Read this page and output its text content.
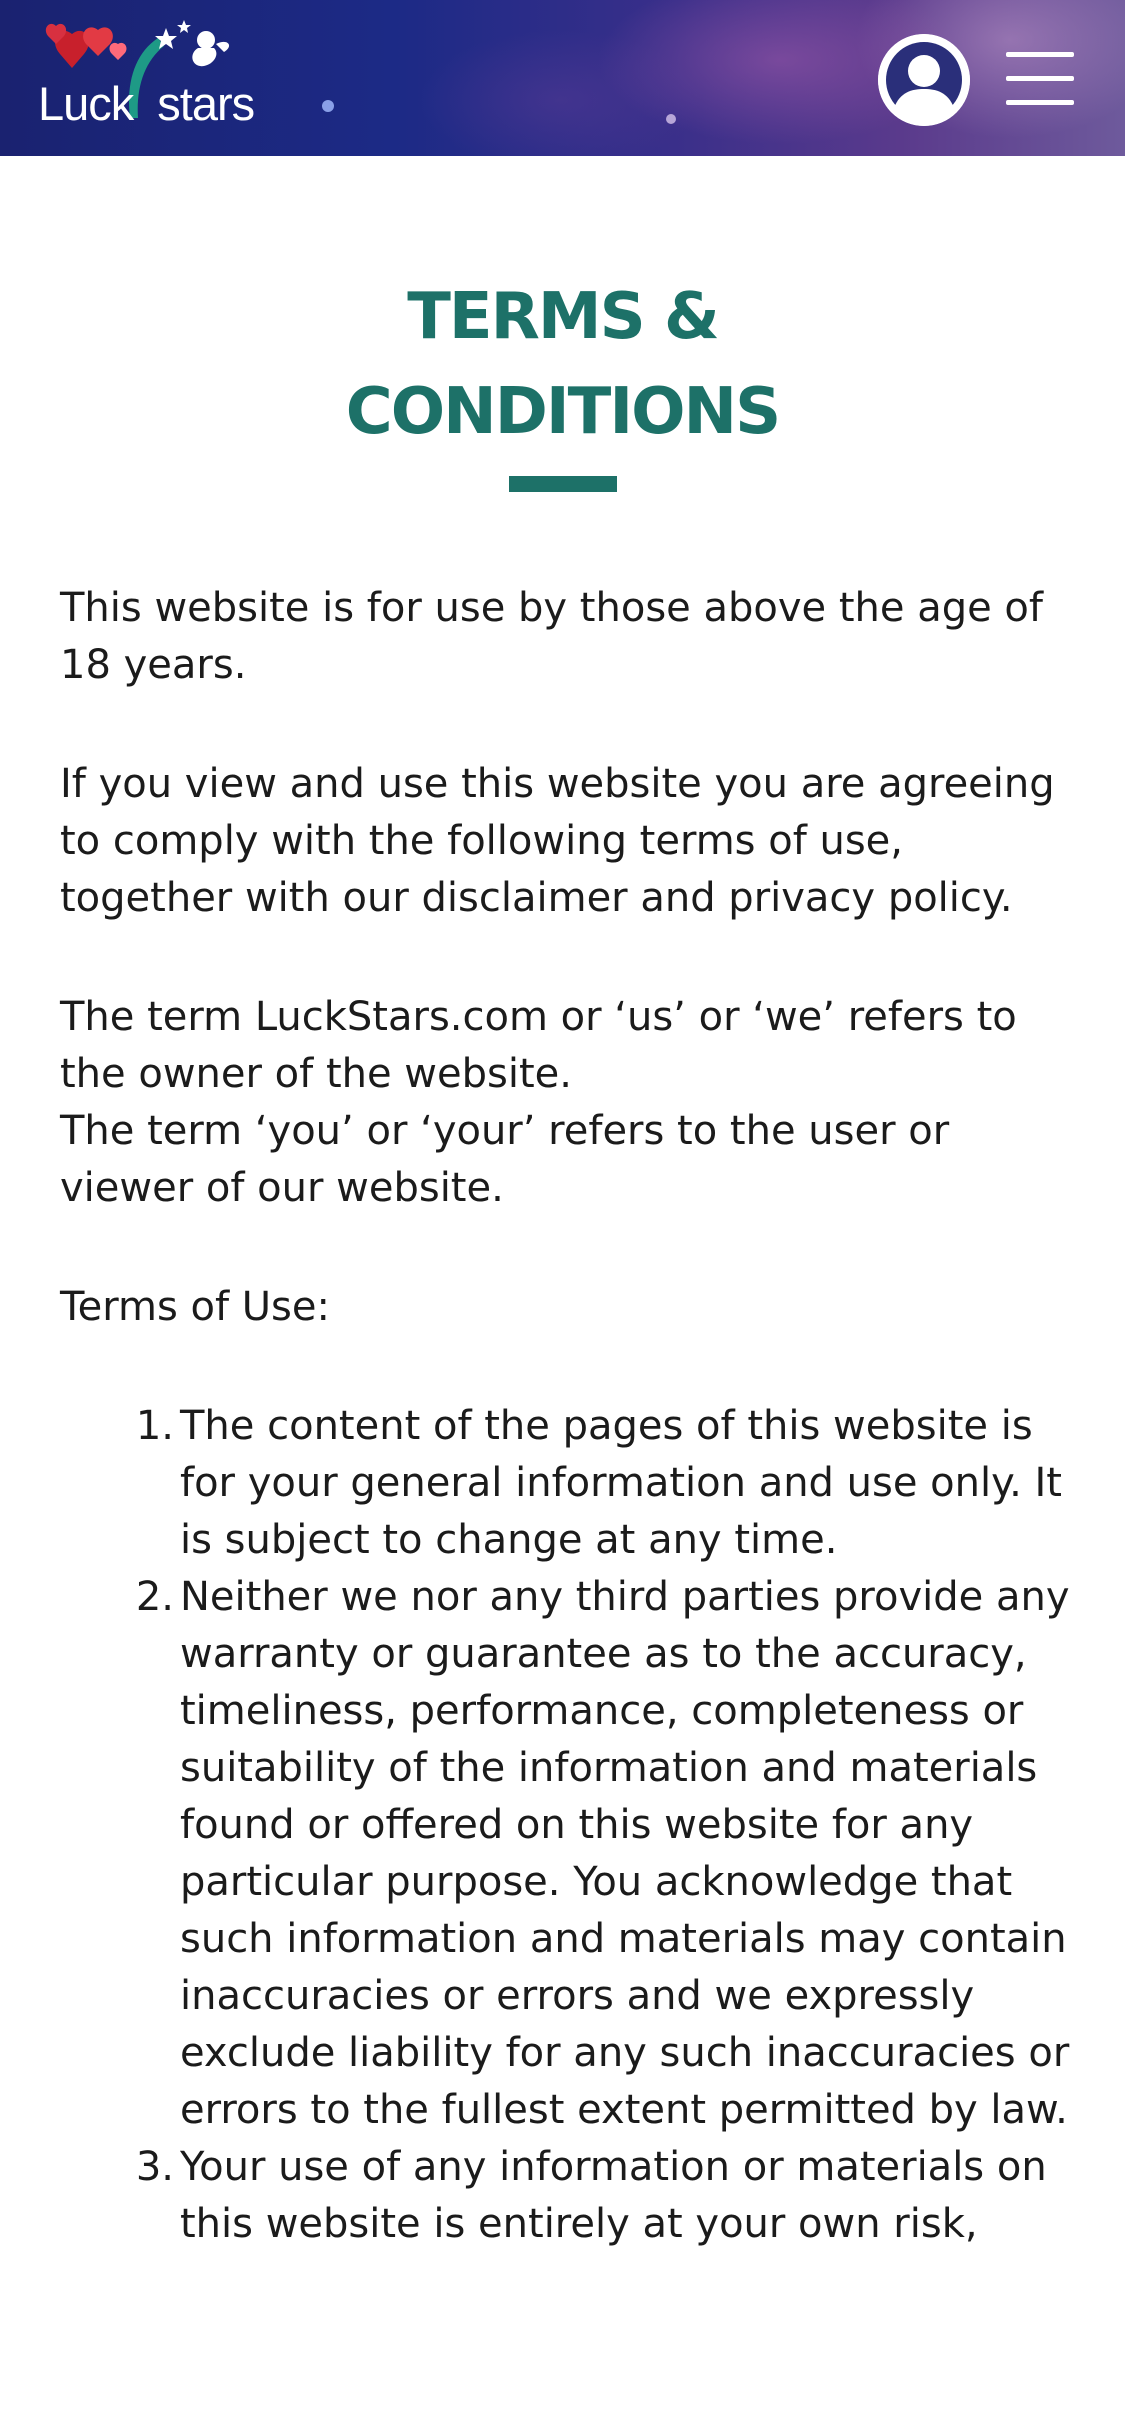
Luck stars
TERMS &
CONDITIONS

This website is for use by those above the age of 18 years.

If you view and use this website you are agreeing to comply with the following terms of use, together with our disclaimer and privacy policy.

The term LuckStars.com or ‘us’ or ‘we’ refers to the owner of the website.

The term ‘you’ or ‘your’ refers to the user or viewer of our website.

Terms of Use:

1. The content of the pages of this website is for your general information and use only. It is subject to change at any time.
2. Neither we nor any third parties provide any warranty or guarantee as to the accuracy, timeliness, performance, completeness or suitability of the information and materials found or offered on this website for any particular purpose. You acknowledge that such information and materials may contain inaccuracies or errors and we expressly exclude liability for any such inaccuracies or errors to the fullest extent permitted by law.
3. Your use of any information or materials on this website is entirely at your own risk,
